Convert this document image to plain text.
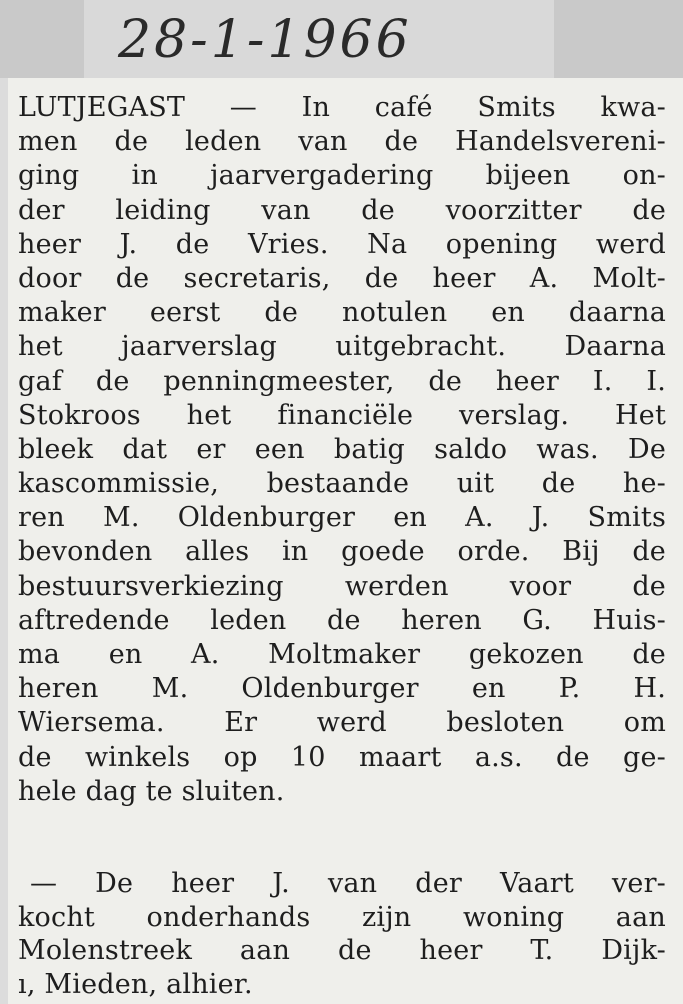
28-1-1966
LUTJEGAST — In café Smits kwa-
men de leden van de Handelsvereni-
ging in jaarvergadering bijeen on-
der leiding van de voorzitter de
heer J. de Vries. Na opening werd
door de secretaris, de heer A. Molt-
maker eerst de notulen en daarna
het jaarverslag uitgebracht. Daarna
gaf de penningmeester, de heer I. I.
Stokroos het financiële verslag. Het
bleek dat er een batig saldo was. De
kascommissie, bestaande uit de he-
ren M. Oldenburger en A. J. Smits
bevonden alles in goede orde. Bij de
bestuursverkiezing werden voor de
aftredende leden de heren G. Huis-
ma en A. Moltmaker gekozen de
heren M. Oldenburger en P. H.
Wiersema. Er werd besloten om
de winkels op 10 maart a.s. de ge-
hele dag te sluiten.
— De heer J. van der Vaart ver-
kocht onderhands zijn woning aan
Molenstreek aan de heer T. Dijk-
ı, Mieden, alhier.
